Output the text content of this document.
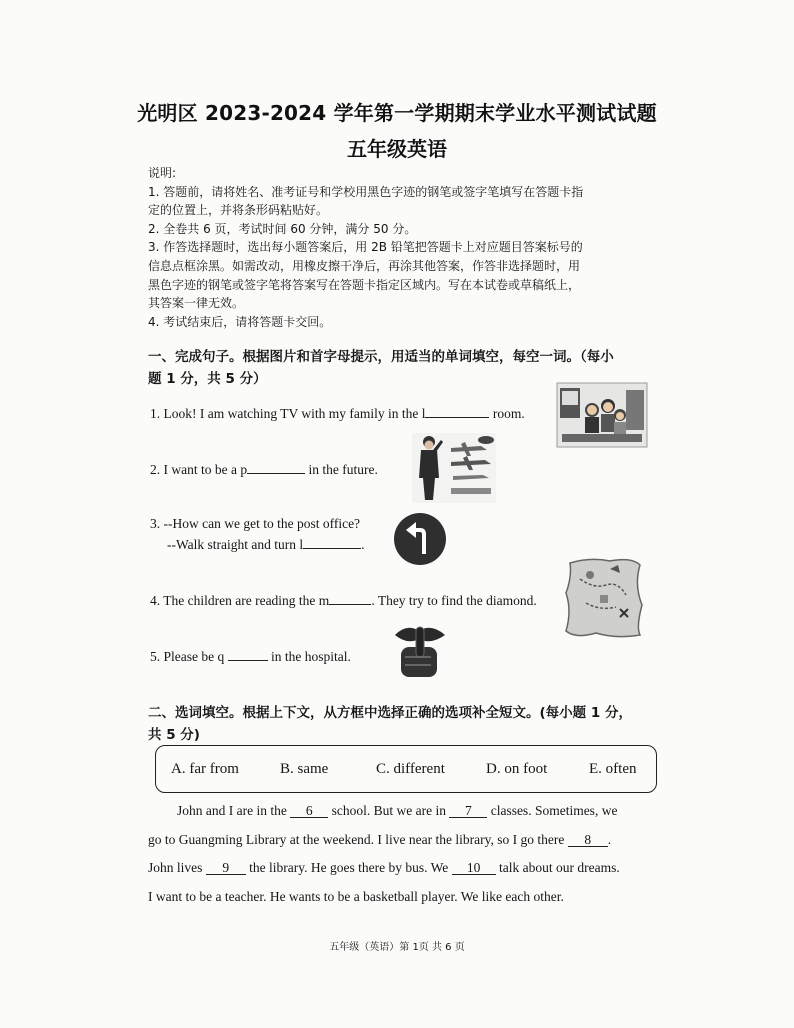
光明区 2023-2024 学年第一学期期末学业水平测试试题
五年级英语
说明:
1. 答题前，请将姓名、准考证号和学校用黑色字迹的钢笔或签字笔填写在答题卡指
定的位置上，并将条形码粘贴好。
2. 全卷共 6 页，考试时间 60 分钟，满分 50 分。
3. 作答选择题时，选出每小题答案后，用 2B 铅笔把答题卡上对应题目答案标号的
信息点框涂黑。如需改动，用橡皮擦干净后，再涂其他答案，作答非选择题时，用
黑色字迹的钢笔或签字笔将答案写在答题卡指定区域内。写在本试卷或草稿纸上，
其答案一律无效。
4. 考试结束后，请将答题卡交回。
一、完成句子。根据图片和首字母提示，用适当的单词填空，每空一词。（每小
题 1 分，共 5 分）
1. Look! I am watching TV with my family in the l	room.
2. I want to be a p	in the future.
3. --How can we get to the post office?
--Walk straight and turn l	.
4. The children are reading the m	. They try to find the diamond.
5. Please be q	in the hospital.
二、选词填空。根据上下文，从方框中选择正确的选项补全短文。(每小题 1 分，
共 5 分)
A. far from	B. same	C. different	D. on foot	E. often
John and I are in the 6 school. But we are in 7 classes. Sometimes, we
go to Guangming Library at the weekend. I live near the library, so I go there 8 .
John lives 9 the library. He goes there by bus. We 10 talk about our dreams.
I want to be a teacher. He wants to be a basketball player. We like each other.
五年级（英语）第 1页 共 6 页
